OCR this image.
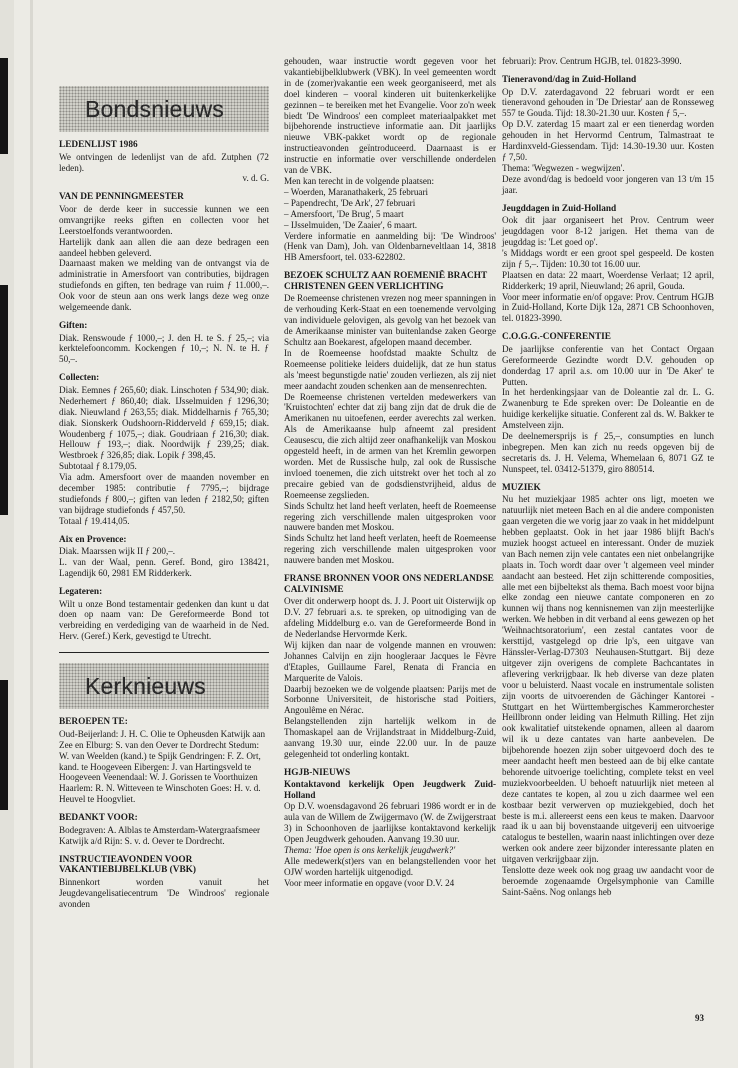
Bondsnieuws
LEDENLIJST 1986

We ontvingen de ledenlijst van de afd. Zutphen (72 leden).

v. d. G.

VAN DE PENNINGMEESTER

Voor de derde keer in successie kunnen we een omvangrijke reeks giften en collecten voor het Leerstoelfonds verantwoorden.

Hartelijk dank aan allen die aan deze bedragen een aandeel hebben geleverd.

Daarnaast maken we melding van de ontvangst via de administratie in Amersfoort van contributies, bijdragen studiefonds en giften, ten bedrage van ruim ƒ 11.000,–. Ook voor de steun aan ons werk langs deze weg onze welgemeende dank.

Giften:

Diak. Renswoude ƒ 1000,–; J. den H. te S. ƒ 25,–; via kerktelefooncomm. Kockengen ƒ 10,–; N. N. te H. ƒ 50,–.

Collecten:

Diak. Eemnes ƒ 265,60; diak. Linschoten ƒ 534,90; diak. Nederhemert ƒ 860,40; diak. IJsselmuiden ƒ 1296,30; diak. Nieuwland ƒ 263,55; diak. Middelharnis ƒ 765,30; diak. Sionskerk Oudshoorn-Ridderveld ƒ 659,15; diak. Woudenberg ƒ 1075,–; diak. Goudriaan ƒ 216,30; diak. Hellouw ƒ 193,–; diak. Noordwijk ƒ 239,25; diak. Westbroek ƒ 326,85; diak. Lopik ƒ 398,45.

Subtotaal ƒ 8.179,05.

Via adm. Amersfoort over de maanden november en december 1985: contributie ƒ 7795,–; bijdrage studiefonds ƒ 800,–; giften van leden ƒ 2182,50; giften van bijdrage studiefonds ƒ 457,50.

Totaal ƒ 19.414,05.

Aix en Provence:

Diak. Maarssen wijk II ƒ 200,–.

L. van der Waal, penn. Geref. Bond, giro 138421, Lagendijk 60, 2981 EM Ridderkerk.

Legateren:

Wilt u onze Bond testamentair gedenken dan kunt u dat doen op naam van: De Gereformeerde Bond tot verbreiding en verdediging van de waarheid in de Ned. Herv. (Geref.) Kerk, gevestigd te Utrecht.

Kerknieuws
BEROEPEN TE:

Oud-Beijerland: J. H. C. Olie te Opheusden Katwijk aan Zee en Elburg: S. van den Oever te Dordrecht Stedum: W. van Weelden (kand.) te Spijk Gendringen: F. Z. Ort, kand. te Hoogeveen Eibergen: J. van Hartingsveld te Hoogeveen Veenendaal: W. J. Gorissen te Voorthuizen Haarlem: R. N. Witteveen te Winschoten Goes: H. v. d. Heuvel te Hoogvliet.

BEDANKT VOOR:

Bodegraven: A. Alblas te Amsterdam-Watergraafsmeer Katwijk a/d Rijn: S. v. d. Oever te Dordrecht.

INSTRUCTIEAVONDEN VOOR VAKANTIEBIJBELKLUB (VBK)

Binnenkort worden vanuit het Jeugdevangelisatiecentrum 'De Windroos' regionale avonden

gehouden, waar instructie wordt gegeven voor het vakantiebijbelklubwerk (VBK). In veel gemeenten wordt in de (zomer)vakantie een week georganiseerd, met als doel kinderen – vooral kinderen uit buitenkerkelijke gezinnen – te bereiken met het Evangelie. Voor zo'n week biedt 'De Windroos' een compleet materiaalpakket met bijbehorende instructieve informatie aan. Dit jaarlijks nieuwe VBK-pakket wordt op de regionale instructieavonden geïntroduceerd. Daarnaast is er instructie en informatie over verschillende onderdelen van de VBK.

Men kan terecht in de volgende plaatsen:

– Woerden, Maranathakerk, 25 februari
– Papendrecht, 'De Ark', 27 februari
– Amersfoort, 'De Brug', 5 maart
– IJsselmuiden, 'De Zaaier', 6 maart.

Verdere informatie en aanmelding bij: 'De Windroos' (Henk van Dam), Joh. van Oldenbarneveltlaan 14, 3818 HB Amersfoort, tel. 033-622802.

BEZOEK SCHULTZ AAN ROEMENIË BRACHT CHRISTENEN GEEN VERLICHTING

De Roemeense christenen vrezen nog meer spanningen in de verhouding Kerk-Staat en een toenemende vervolging van individuele gelovigen, als gevolg van het bezoek van de Amerikaanse minister van buitenlandse zaken George Schultz aan Boekarest, afgelopen maand december.

In de Roemeense hoofdstad maakte Schultz de Roemeense politieke leiders duidelijk, dat ze hun status als 'meest begunstigde natie' zouden verliezen, als zij niet meer aandacht zouden schenken aan de mensenrechten.

De Roemeense christenen vertelden medewerkers van 'Kruistochten' echter dat zij bang zijn dat de druk die de Amerikanen nu uitoefenen, eerder averechts zal werken. Als de Amerikaanse hulp afneemt zal president Ceausescu, die zich altijd zeer onafhankelijk van Moskou opgesteld heeft, in de armen van het Kremlin geworpen worden. Met de Russische hulp, zal ook de Russische invloed toenemen, die zich uitstrekt over het toch al zo precaire gebied van de godsdienstvrijheid, aldus de Roemeense zegslieden.

Sinds Schultz het land heeft verlaten, heeft de Roemeense regering zich verschillende malen uitgesproken voor nauwere banden met Moskou.

Sinds Schultz het land heeft verlaten, heeft de Roemeense regering zich verschillende malen uitgesproken voor nauwere banden met Moskou.

FRANSE BRONNEN VOOR ONS NEDERLANDSE CALVINISME

Over dit onderwerp hoopt ds. J. J. Poort uit Oisterwijk op D.V. 27 februari a.s. te spreken, op uitnodiging van de afdeling Middelburg e.o. van de Gereformeerde Bond in de Nederlandse Hervormde Kerk.

Wij kijken dan naar de volgende mannen en vrouwen: Johannes Calvijn en zijn hoogleraar Jacques le Fèvre d'Etaples, Guillaume Farel, Renata di Francia en Marquerite de Valois.

Daarbij bezoeken we de volgende plaatsen: Parijs met de Sorbonne Universiteit, de historische stad Poitiers, Angoulême en Nérac.

Belangstellenden zijn hartelijk welkom in de Thomaskapel aan de Vrijlandstraat in Middelburg-Zuid, aanvang 19.30 uur, einde 22.00 uur. In de pauze gelegenheid tot onderling kontakt.

HGJB-NIEUWS

Kontaktavond kerkelijk Open Jeugdwerk Zuid-Holland

Op D.V. woensdagavond 26 februari 1986 wordt er in de aula van de Willem de Zwijgermavo (W. de Zwijgerstraat 3) in Schoonhoven de jaarlijkse kontaktavond kerkelijk Open Jeugdwerk gehouden. Aanvang 19.30 uur.

Thema: 'Hoe open is ons kerkelijk jeugdwerk?'

Alle medewerk(st)ers van en belangstellenden voor het OJW worden hartelijk uitgenodigd.

Voor meer informatie en opgave (voor D.V. 24

februari): Prov. Centrum HGJB, tel. 01823-3990.

Tieneravond/dag in Zuid-Holland

Op D.V. zaterdagavond 22 februari wordt er een tieneravond gehouden in 'De Driestar' aan de Ronsseweg 557 te Gouda. Tijd: 18.30-21.30 uur. Kosten ƒ 5,–.

Op D.V. zaterdag 15 maart zal er een tienerdag worden gehouden in het Hervormd Centrum, Talmastraat te Hardinxveld-Giessendam. Tijd: 14.30-19.30 uur. Kosten ƒ 7,50.

Thema: 'Wegwezen - wegwijzen'.

Deze avond/dag is bedoeld voor jongeren van 13 t/m 15 jaar.

Jeugddagen in Zuid-Holland

Ook dit jaar organiseert het Prov. Centrum weer jeugddagen voor 8-12 jarigen. Het thema van de jeugddag is: 'Let goed op'.

's Middags wordt er een groot spel gespeeld. De kosten zijn ƒ 5,–. Tijden: 10.30 tot 16.00 uur.

Plaatsen en data: 22 maart, Woerdense Verlaat; 12 april, Ridderkerk; 19 april, Nieuwland; 26 april, Gouda.

Voor meer informatie en/of opgave: Prov. Centrum HGJB in Zuid-Holland, Korte Dijk 12a, 2871 CB Schoonhoven, tel. 01823-3990.

C.O.G.G.-CONFERENTIE

De jaarlijkse conferentie van het Contact Orgaan Gereformeerde Gezindte wordt D.V. gehouden op donderdag 17 april a.s. om 10.00 uur in 'De Aker' te Putten.

In het herdenkingsjaar van de Doleantie zal dr. L. G. Zwanenburg te Ede spreken over: De Doleantie en de huidige kerkelijke situatie. Conferent zal ds. W. Bakker te Amstelveen zijn.

De deelnemersprijs is ƒ 25,–, consumpties en lunch inbegrepen. Men kan zich nu reeds opgeven bij de secretaris ds. J. H. Velema, Whemelaan 6, 8071 GZ te Nunspeet, tel. 03412-51379, giro 880514.

MUZIEK

Nu het muziekjaar 1985 achter ons ligt, moeten we natuurlijk niet meteen Bach en al die andere componisten gaan vergeten die we vorig jaar zo vaak in het middelpunt hebben geplaatst. Ook in het jaar 1986 blijft Bach's muziek hoogst actueel en interessant. Onder de muziek van Bach nemen zijn vele cantates een niet onbelangrijke plaats in. Toch wordt daar over 't algemeen veel minder aandacht aan besteed. Het zijn schitterende composities, alle met een bijbeltekst als thema. Bach moest voor bijna elke zondag een nieuwe cantate componeren en zo kunnen wij thans nog kennisnemen van zijn meesterlijke werken. We hebben in dit verband al eens gewezen op het 'Weihnachtsoratorium', een zestal cantates voor de kersttijd, vastgelegd op drie lp's, een uitgave van Hänssler-Verlag-D7303 Neuhausen-Stuttgart. Bij deze uitgever zijn overigens de complete Bachcantates in aflevering verkrijgbaar. Ik heb diverse van deze platen voor u beluisterd. Naast vocale en instrumentale solisten zijn voorts de uitvoerenden de Gächinger Kantorei - Stuttgart en het Württembergisches Kammerorchester Heillbronn onder leiding van Helmuth Rilling. Het zijn ook kwalitatief uitstekende opnamen, alleen al daarom wil ik u deze cantates van harte aanbevelen. De bijbehorende hoezen zijn sober uitgevoerd doch des te meer aandacht heeft men besteed aan de bij elke cantate behorende uitvoerige toelichting, complete tekst en veel muziekvoorbeelden. U behoeft natuurlijk niet meteen al deze cantates te kopen, al zou u zich daarmee wel een kostbaar bezit verwerven op muziekgebied, doch het beste is m.i. allereerst eens een keus te maken. Daarvoor raad ik u aan bij bovenstaande uitgeverij een uitvoerige catalogus te bestellen, waarin naast inlichtingen over deze werken ook andere zeer bijzonder interessante platen en uitgaven verkrijgbaar zijn.

Tenslotte deze week ook nog graag uw aandacht voor de beroemde zogenaamde Orgelsymphonie van Camille Saint-Saëns. Nog onlangs heb

93
